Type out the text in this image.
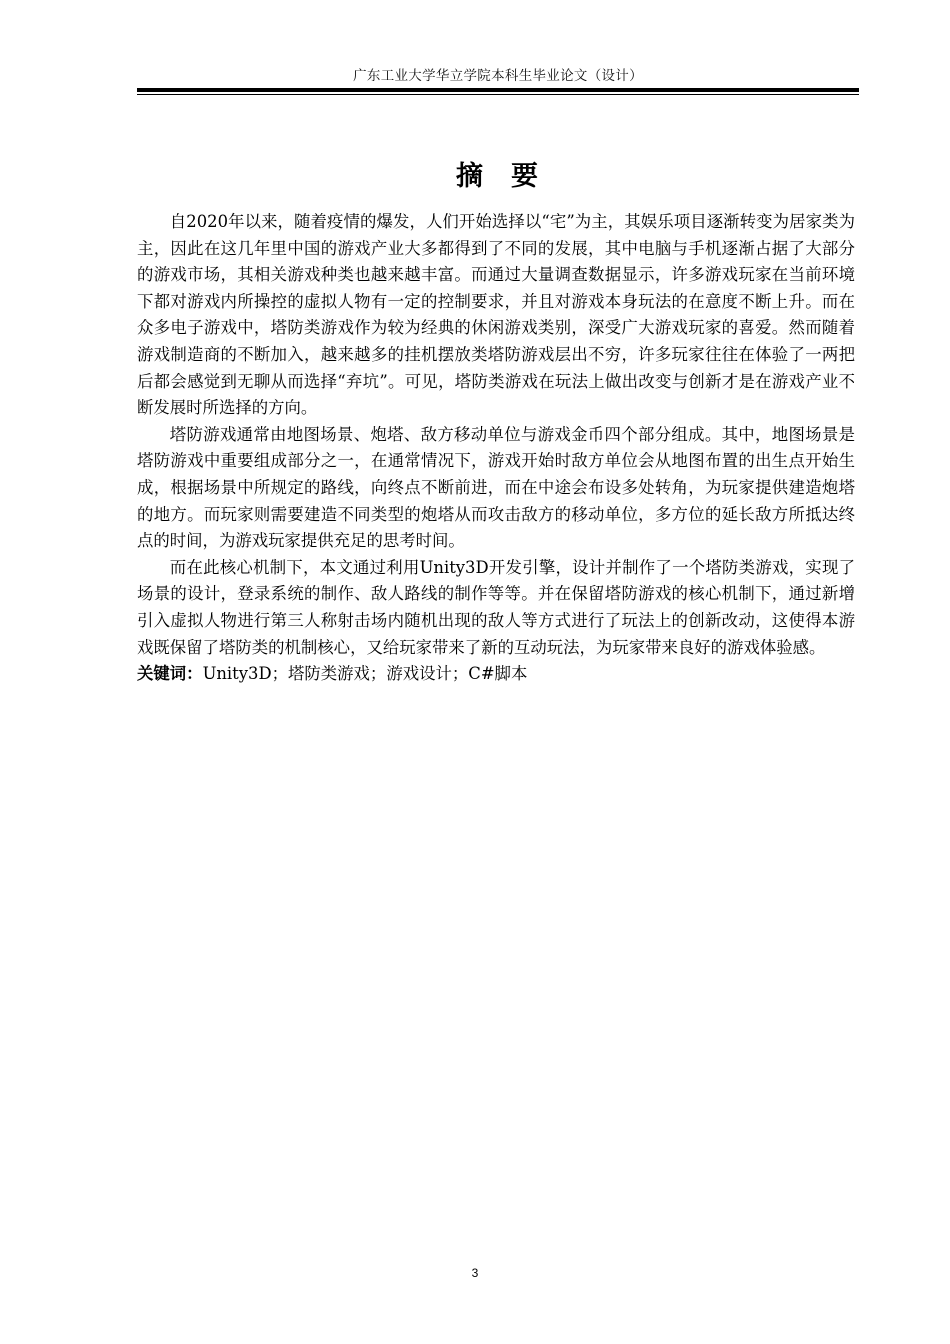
广东工业大学华立学院本科生毕业论文（设计）
摘 要

自2020年以来，随着疫情的爆发，人们开始选择以“宅”为主，其娱乐项目逐渐转变为居家类为主，因此在这几年里中国的游戏产业大多都得到了不同的发展，其中电脑与手机逐渐占据了大部分的游戏市场，其相关游戏种类也越来越丰富。而通过大量调查数据显示，许多游戏玩家在当前环境下都对游戏内所操控的虚拟人物有一定的控制要求，并且对游戏本身玩法的在意度不断上升。而在众多电子游戏中，塔防类游戏作为较为经典的休闲游戏类别，深受广大游戏玩家的喜爱。然而随着游戏制造商的不断加入，越来越多的挂机摆放类塔防游戏层出不穷，许多玩家往往在体验了一两把后都会感觉到无聊从而选择“弃坑”。可见，塔防类游戏在玩法上做出改变与创新才是在游戏产业不断发展时所选择的方向。

塔防游戏通常由地图场景、炮塔、敌方移动单位与游戏金币四个部分组成。其中，地图场景是塔防游戏中重要组成部分之一，在通常情况下，游戏开始时敌方单位会从地图布置的出生点开始生成，根据场景中所规定的路线，向终点不断前进，而在中途会布设多处转角，为玩家提供建造炮塔的地方。而玩家则需要建造不同类型的炮塔从而攻击敌方的移动单位，多方位的延长敌方所抵达终点的时间，为游戏玩家提供充足的思考时间。

而在此核心机制下，本文通过利用Unity3D开发引擎，设计并制作了一个塔防类游戏，实现了场景的设计，登录系统的制作、敌人路线的制作等等。并在保留塔防游戏的核心机制下，通过新增引入虚拟人物进行第三人称射击场内随机出现的敌人等方式进行了玩法上的创新改动，这使得本游戏既保留了塔防类的机制核心，又给玩家带来了新的互动玩法，为玩家带来良好的游戏体验感。

关键词：Unity3D；塔防类游戏；游戏设计；C#脚本
3
